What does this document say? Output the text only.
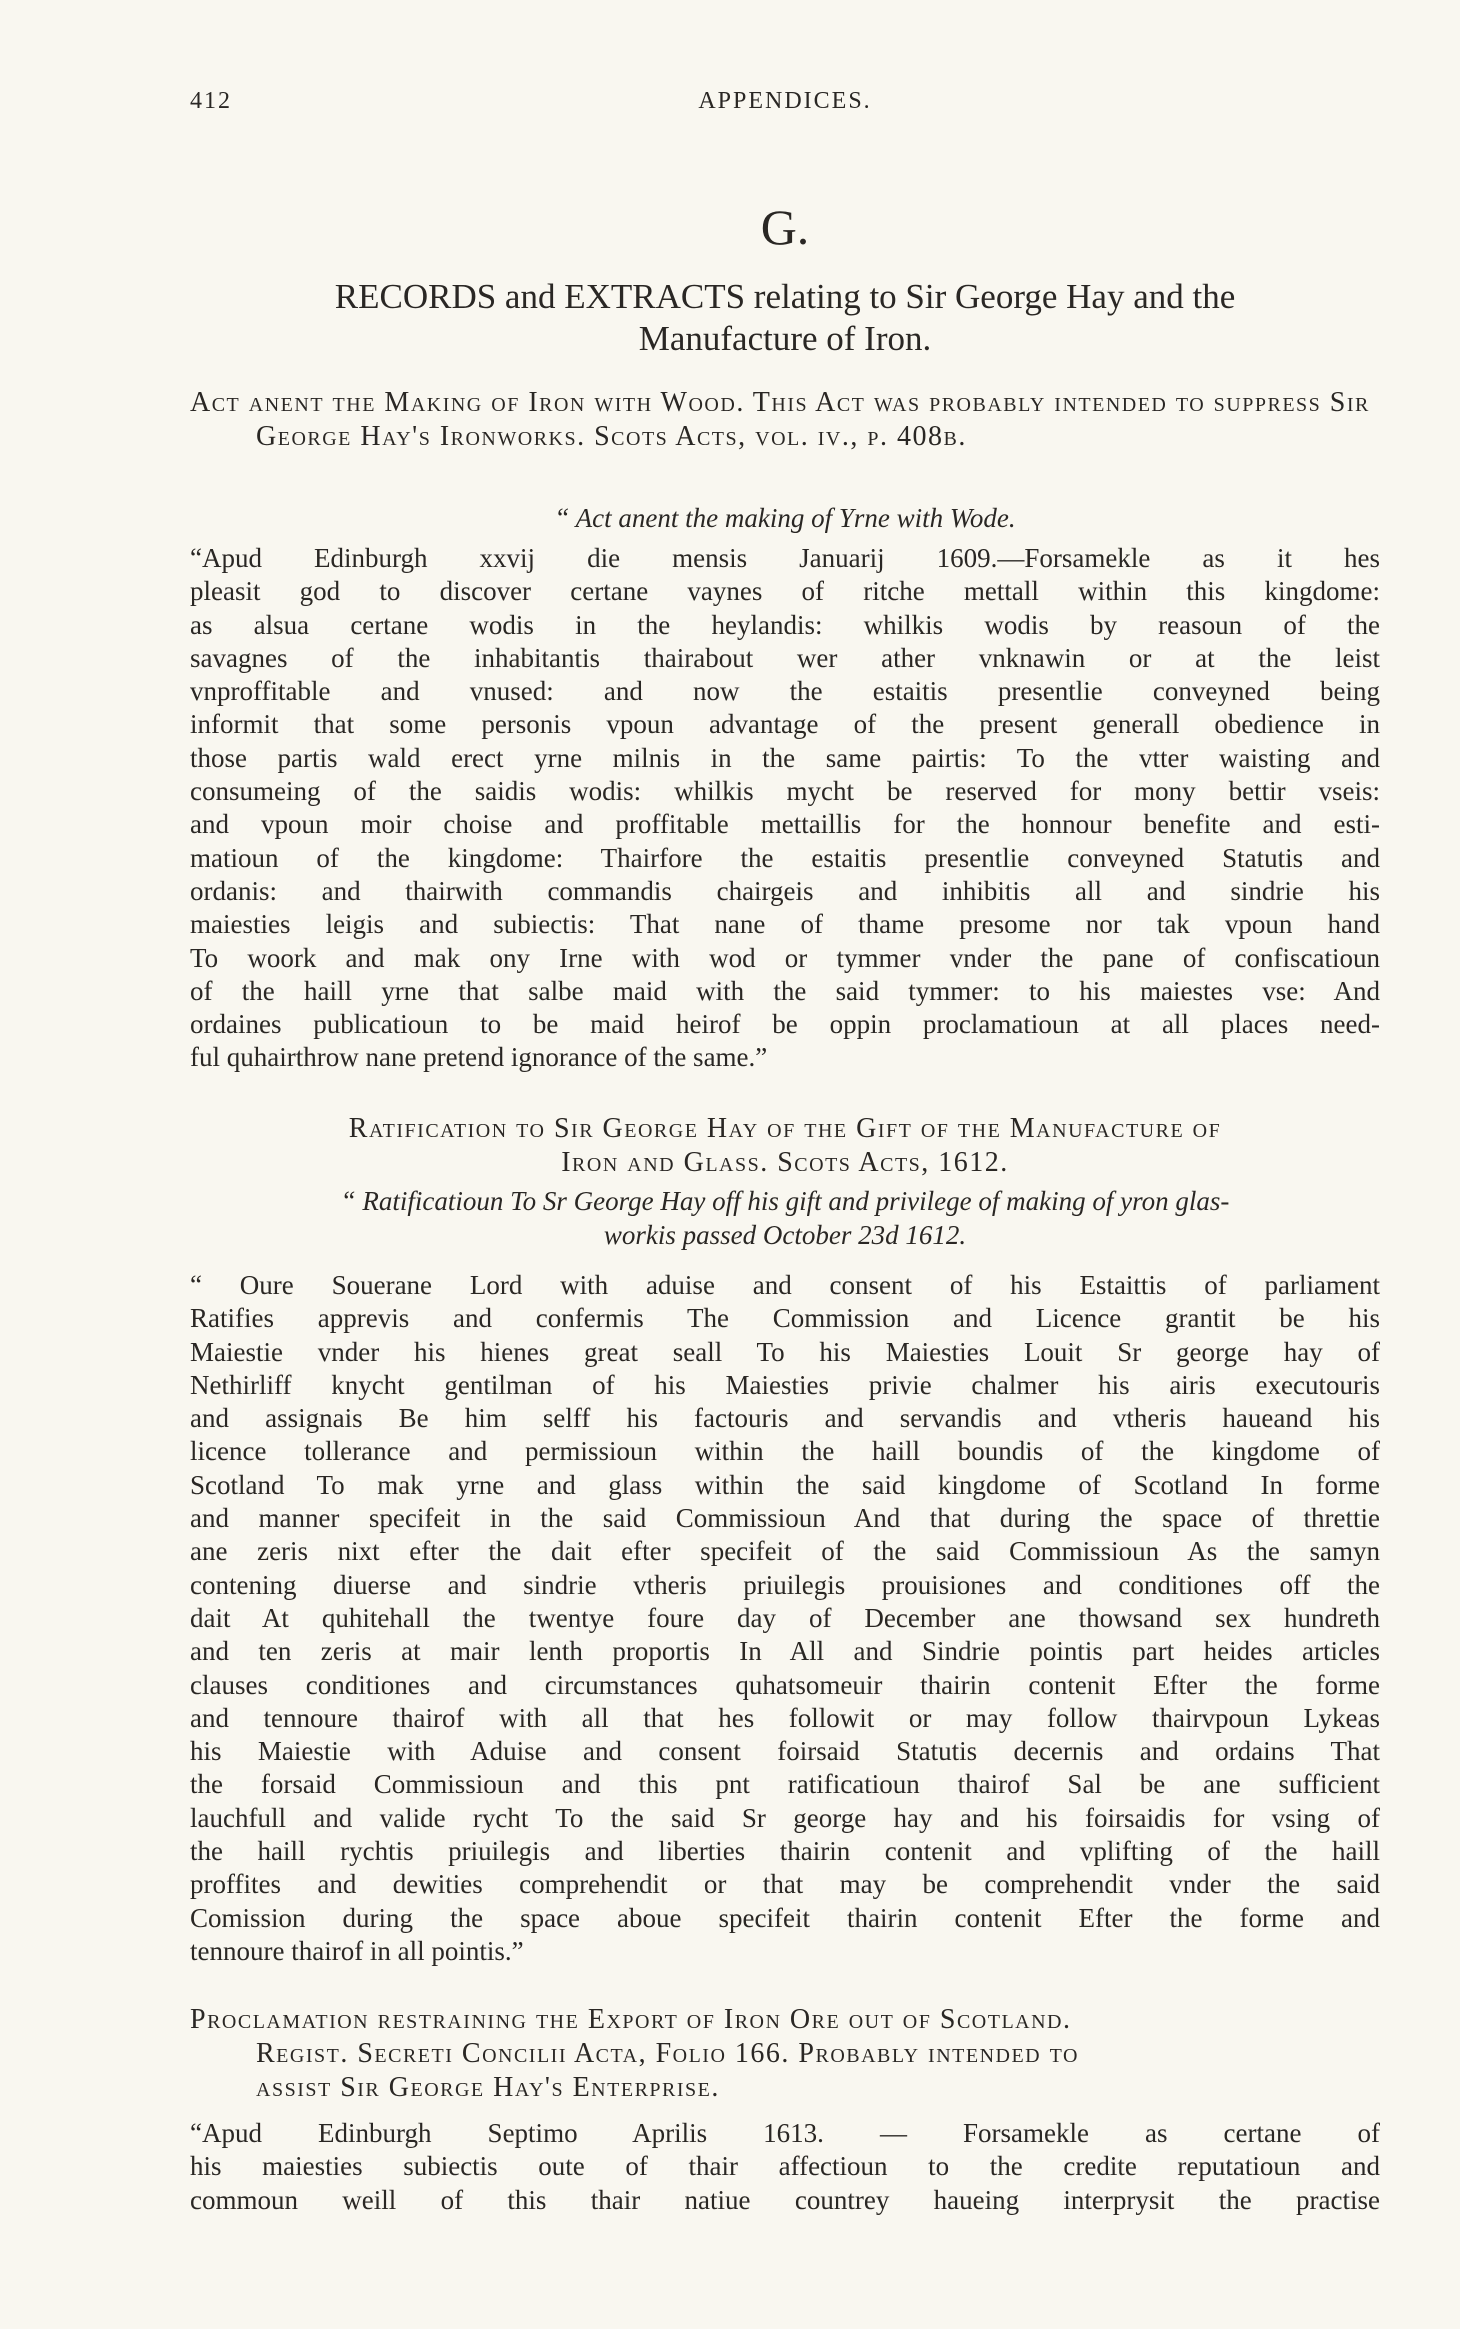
412	APPENDICES.
G.
RECORDS and EXTRACTS relating to Sir George Hay and the
Manufacture of Iron.
Act anent the Making of Iron with Wood. This Act was probably intended to suppress Sir George Hay's Ironworks. Scots Acts, vol. iv., p. 408b.
“ Act anent the making of Yrne with Wode.
“Apud Edinburgh xxvij die mensis Januarij 1609.—Forsamekle as it hes
pleasit god to discover certane vaynes of ritche mettall within this kingdome:
as alsua certane wodis in the heylandis: whilkis wodis by reasoun of the
savagnes of the inhabitantis thairabout wer ather vnknawin or at the leist
vnproffitable and vnused: and now the estaitis presentlie conveyned being
informit that some personis vpoun advantage of the present generall obedience in
those partis wald erect yrne milnis in the same pairtis: To the vtter waisting and
consumeing of the saidis wodis: whilkis mycht be reserved for mony bettir vseis:
and vpoun moir choise and proffitable mettaillis for the honnour benefite and esti-
matioun of the kingdome: Thairfore the estaitis presentlie conveyned Statutis and
ordanis: and thairwith commandis chairgeis and inhibitis all and sindrie his
maiesties leigis and subiectis: That nane of thame presome nor tak vpoun hand
To woork and mak ony Irne with wod or tymmer vnder the pane of confiscatioun
of the haill yrne that salbe maid with the said tymmer: to his maiestes vse: And
ordaines publicatioun to be maid heirof be oppin proclamatioun at all places need-
ful quhairthrow nane pretend ignorance of the same.”
Ratification to Sir George Hay of the Gift of the Manufacture of
Iron and Glass. Scots Acts, 1612.
“ Ratificatioun To Sr George Hay off his gift and privilege of making of yron glas-
workis passed October 23d 1612.
“ Oure Souerane Lord with aduise and consent of his Estaittis of parliament
Ratifies apprevis and confermis The Commission and Licence grantit be his
Maiestie vnder his hienes great seall To his Maiesties Louit Sr george hay of
Nethirliff knycht gentilman of his Maiesties privie chalmer his airis executouris
and assignais Be him selff his factouris and servandis and vtheris haueand his
licence tollerance and permissioun within the haill boundis of the kingdome of
Scotland To mak yrne and glass within the said kingdome of Scotland In forme
and manner specifeit in the said Commissioun And that during the space of threttie
ane zeris nixt efter the dait efter specifeit of the said Commissioun As the samyn
contening diuerse and sindrie vtheris priuilegis prouisiones and conditiones off the
dait At quhitehall the twentye foure day of December ane thowsand sex hundreth
and ten zeris at mair lenth proportis In All and Sindrie pointis part heides articles
clauses conditiones and circumstances quhatsomeuir thairin contenit Efter the forme
and tennoure thairof with all that hes followit or may follow thairvpoun Lykeas
his Maiestie with Aduise and consent foirsaid Statutis decernis and ordains That
the forsaid Commissioun and this pnt ratificatioun thairof Sal be ane sufficient
lauchfull and valide rycht To the said Sr george hay and his foirsaidis for vsing of
the haill rychtis priuilegis and liberties thairin contenit and vplifting of the haill
proffites and dewities comprehendit or that may be comprehendit vnder the said
Comission during the space aboue specifeit thairin contenit Efter the forme and
tennoure thairof in all pointis.”
Proclamation restraining the Export of Iron Ore out of Scotland.
Regist. Secreti Concilii Acta, Folio 166. Probably intended to
assist Sir George Hay's Enterprise.
“Apud Edinburgh Septimo Aprilis 1613. — Forsamekle as certane of
his maiesties subiectis oute of thair affectioun to the credite reputatioun and
commoun weill of this thair natiue countrey haueing interprysit the practise
